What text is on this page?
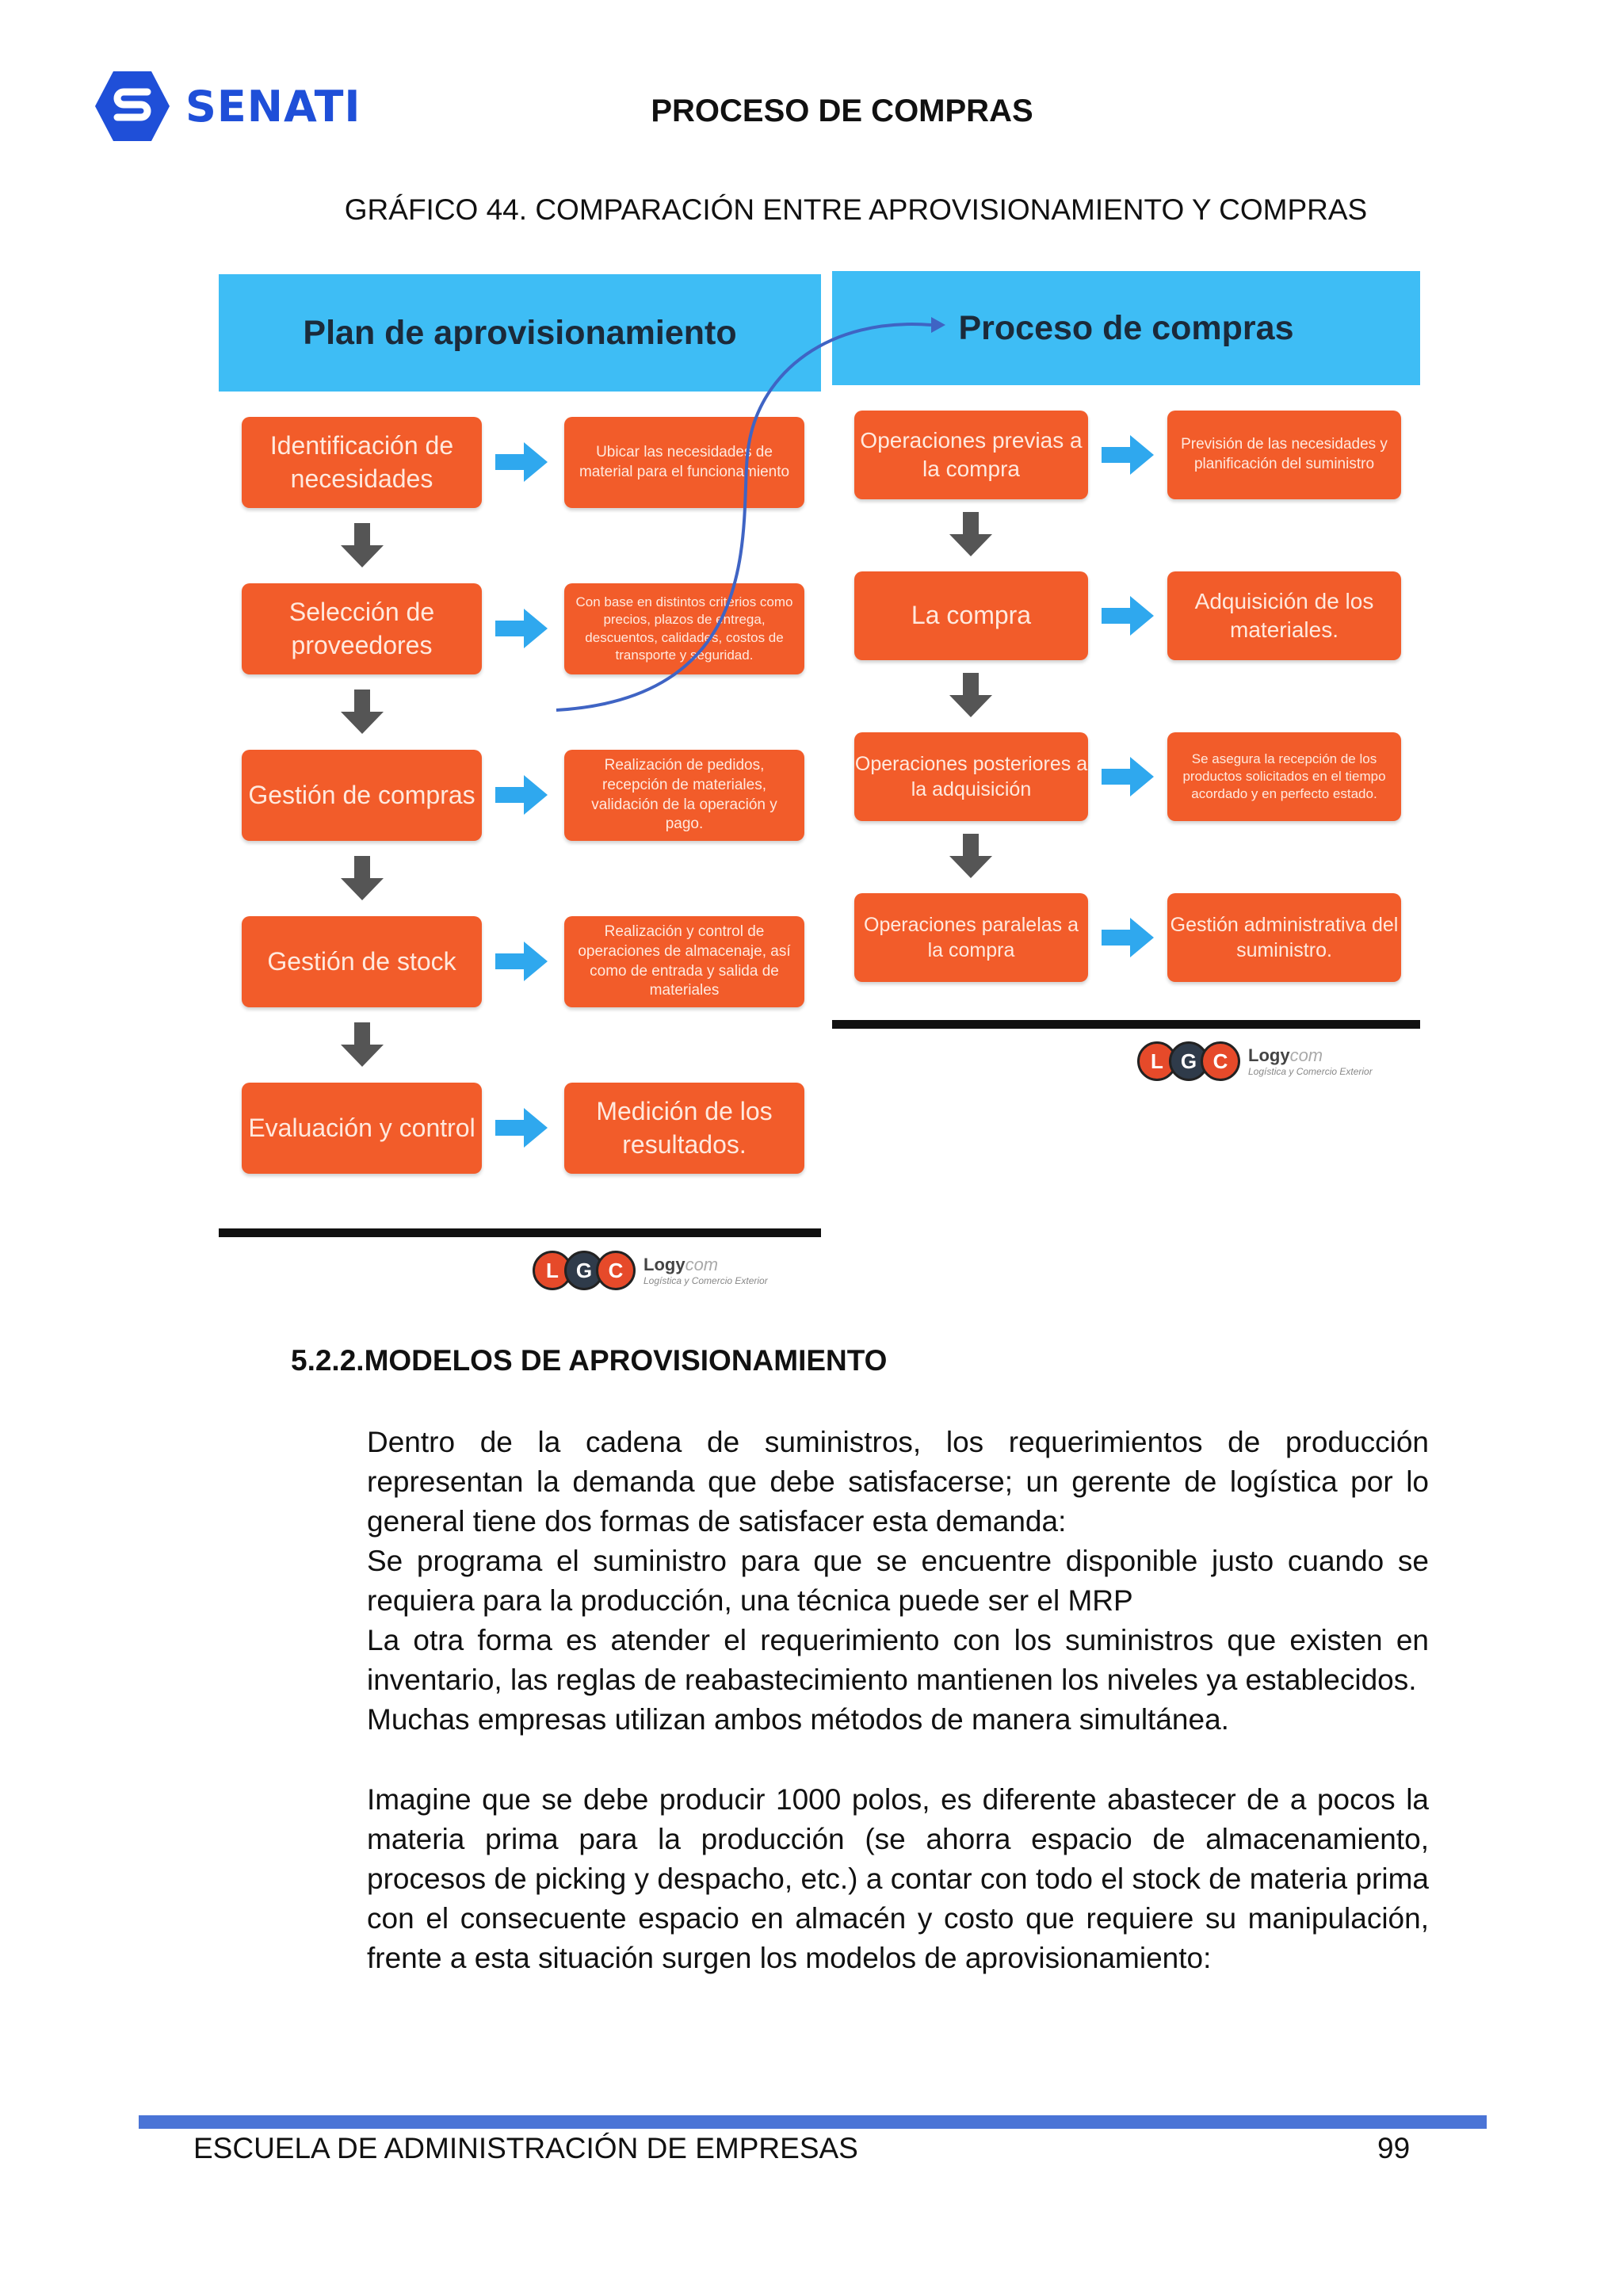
SENATI	PROCESO DE COMPRAS
GRÁFICO 44. COMPARACIÓN ENTRE APROVISIONAMIENTO Y COMPRAS
Plan de aprovisionamiento
Identificación de necesidades
Ubicar las necesidades de material para el funcionamiento
Selección de proveedores
Con base en distintos criterios como precios, plazos de entrega, descuentos, calidades, costos de transporte y seguridad.
Gestión de compras
Realización de pedidos, recepción de materiales, validación de la operación y pago.
Gestión de stock
Realización y control de operaciones de almacenaje, así como de entrada y salida de materiales
Evaluación y control
Medición de los resultados.
L G C	Logycom
Logística y Comercio Exterior
Proceso de compras
Operaciones previas a la compra
Previsión de las necesidades y planificación del suministro
La compra
Adquisición de los materiales.
Operaciones posteriores a la adquisición
Se asegura la recepción de los productos solicitados en el tiempo acordado y en perfecto estado.
Operaciones paralelas a la compra
Gestión administrativa del suministro.
L G C	Logycom
Logística y Comercio Exterior
5.2.2.MODELOS DE APROVISIONAMIENTO

Dentro de la cadena de suministros, los requerimientos de producción representan la demanda que debe satisfacerse; un gerente de logística por lo general tiene dos formas de satisfacer esta demanda:

Se programa el suministro para que se encuentre disponible justo cuando se requiera para la producción, una técnica puede ser el MRP

La otra forma es atender el requerimiento con los suministros que existen en inventario, las reglas de reabastecimiento mantienen los niveles ya establecidos.

Muchas empresas utilizan ambos métodos de manera simultánea.

Imagine que se debe producir 1000 polos, es diferente abastecer de a pocos la materia prima para la producción (se ahorra espacio de almacenamiento, procesos de picking y despacho, etc.) a contar con todo el stock de materia prima con el consecuente espacio en almacén y costo que requiere su manipulación, frente a esta situación surgen los modelos de aprovisionamiento:

ESCUELA DE ADMINISTRACIÓN DE EMPRESAS	99
